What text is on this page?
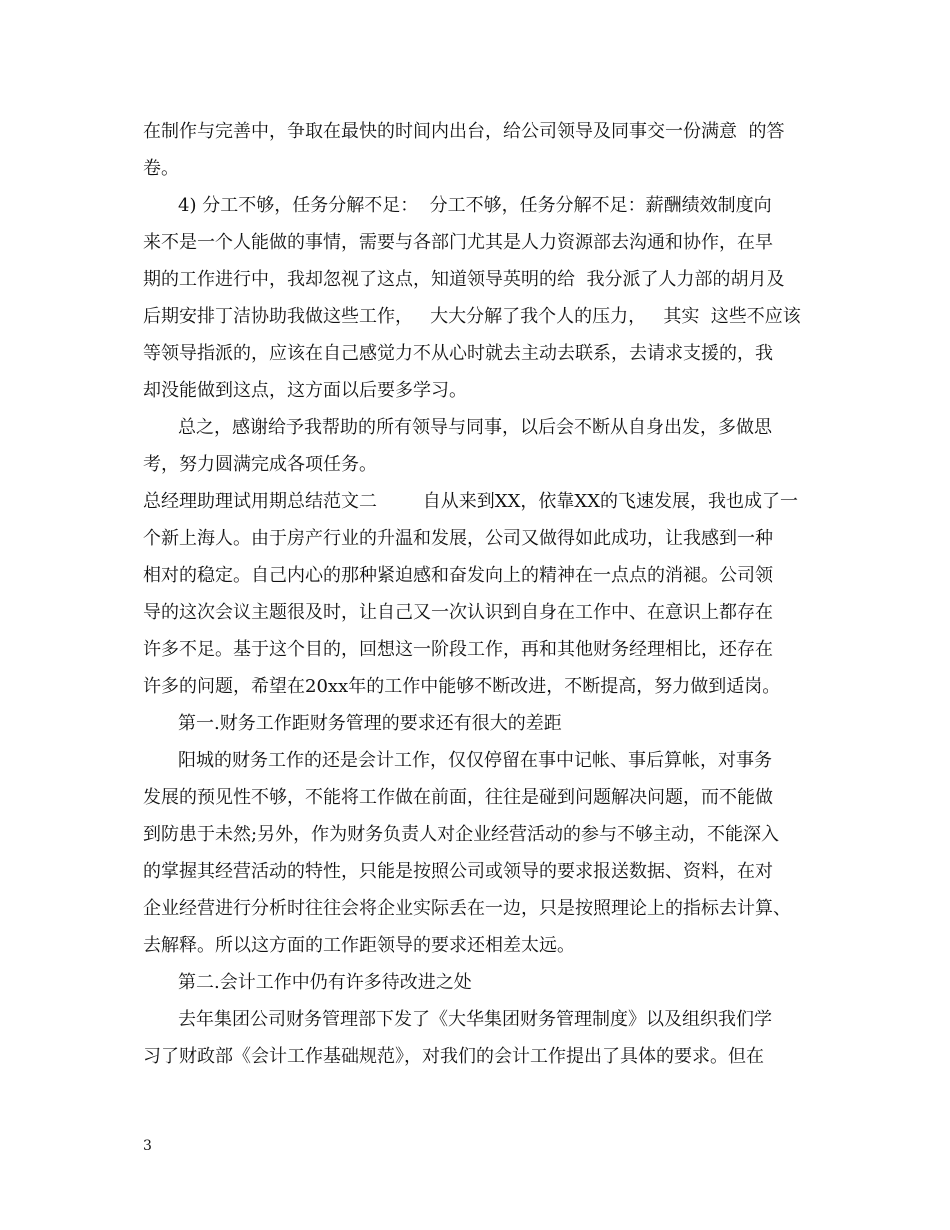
在制作与完善中，争取在最快的时间内出台，给公司领导及同事交一份满意  的答

卷。

4) 分工不够，任务分解不足：  分工不够，任务分解不足：薪酬绩效制度向

来不是一个人能做的事情，需要与各部门尤其是人力资源部去沟通和协作，在早

期的工作进行中，我却忽视了这点，知道领导英明的给  我分派了人力部的胡月及

后期安排丁洁协助我做这些工作，   大大分解了我个人的压力，   其实  这些不应该

等领导指派的，应该在自己感觉力不从心时就去主动去联系，去请求支援的，我

却没能做到这点，这方面以后要多学习。

总之，感谢给予我帮助的所有领导与同事，以后会不断从自身出发，多做思

考，努力圆满完成各项任务。

总经理助理试用期总结范文二        自从来到XX，依靠XX的飞速发展，我也成了一

个新上海人。由于房产行业的升温和发展，公司又做得如此成功，让我感到一种

相对的稳定。自己内心的那种紧迫感和奋发向上的精神在一点点的消褪。公司领

导的这次会议主题很及时，让自己又一次认识到自身在工作中、在意识上都存在

许多不足。基于这个目的，回想这一阶段工作，再和其他财务经理相比，还存在

许多的问题，希望在20xx年的工作中能够不断改进，不断提高，努力做到适岗。

第一.财务工作距财务管理的要求还有很大的差距

阳城的财务工作的还是会计工作，仅仅停留在事中记帐、事后算帐，对事务

发展的预见性不够，不能将工作做在前面，往往是碰到问题解决问题，而不能做

到防患于未然;另外，作为财务负责人对企业经营活动的参与不够主动，不能深入

的掌握其经营活动的特性，只能是按照公司或领导的要求报送数据、资料，在对

企业经营进行分析时往往会将企业实际丢在一边，只是按照理论上的指标去计算、

去解释。所以这方面的工作距领导的要求还相差太远。

第二.会计工作中仍有许多待改进之处

去年集团公司财务管理部下发了《大华集团财务管理制度》以及组织我们学

习了财政部《会计工作基础规范》，对我们的会计工作提出了具体的要求。但在

3
